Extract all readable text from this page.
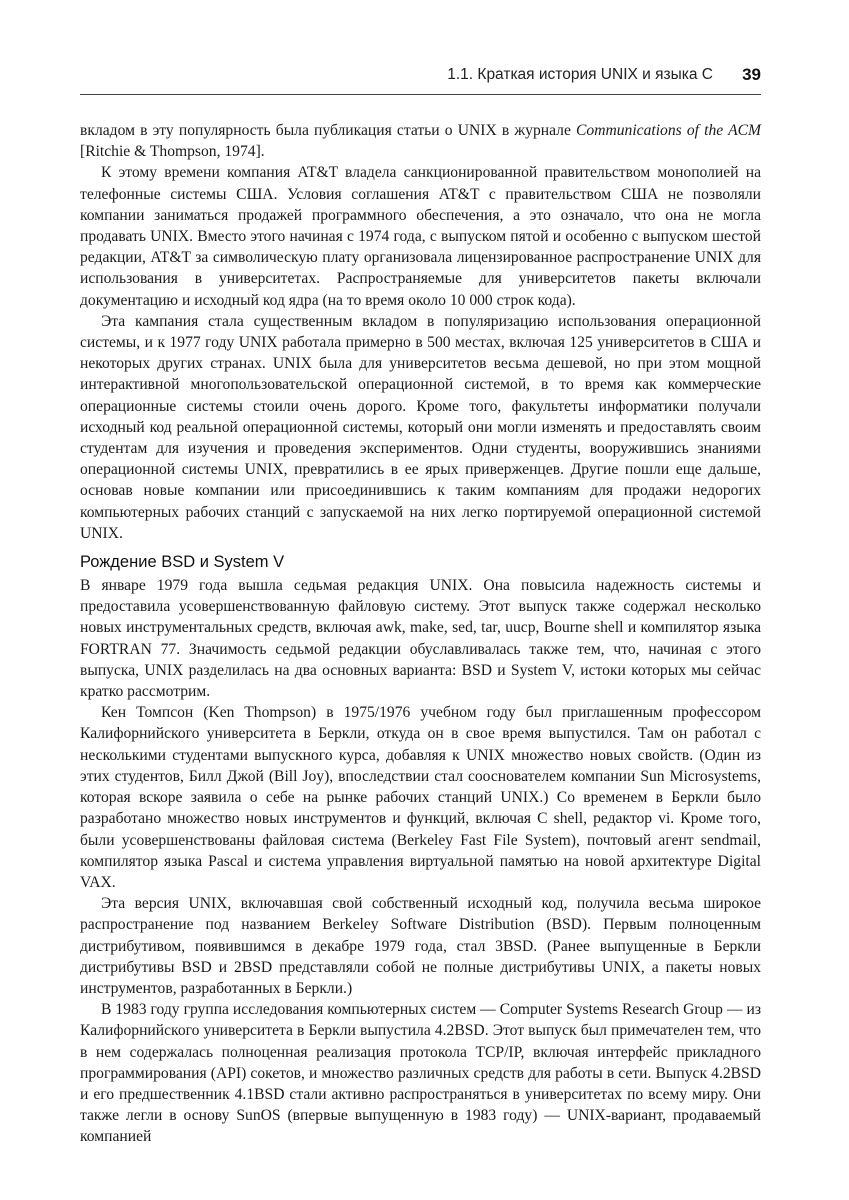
1.1. Краткая история UNIX и языка C 39

вкладом в эту популярность была публикация статьи о UNIX в журнале Communications of the ACM [Ritchie & Thompson, 1974].

К этому времени компания AT&T владела санкционированной правительством монополией на телефонные системы США. Условия соглашения AT&T с правительством США не позволяли компании заниматься продажей программного обеспечения, а это означало, что она не могла продавать UNIX. Вместо этого начиная с 1974 года, с выпуском пятой и особенно с выпуском шестой редакции, AT&T за символическую плату организовала лицензированное распространение UNIX для использования в университетах. Распространяемые для университетов пакеты включали документацию и исходный код ядра (на то время около 10 000 строк кода).

Эта кампания стала существенным вкладом в популяризацию использования операционной системы, и к 1977 году UNIX работала примерно в 500 местах, включая 125 университетов в США и некоторых других странах. UNIX была для университетов весьма дешевой, но при этом мощной интерактивной многопользовательской операционной системой, в то время как коммерческие операционные системы стоили очень дорого. Кроме того, факультеты информатики получали исходный код реальной операционной системы, который они могли изменять и предоставлять своим студентам для изучения и проведения экспериментов. Одни студенты, вооружившись знаниями операционной системы UNIX, превратились в ее ярых приверженцев. Другие пошли еще дальше, основав новые компании или присоединившись к таким компаниям для продажи недорогих компьютерных рабочих станций с запускаемой на них легко портируемой операционной системой UNIX.

Рождение BSD и System V

В январе 1979 года вышла седьмая редакция UNIX. Она повысила надежность системы и предоставила усовершенствованную файловую систему. Этот выпуск также содержал несколько новых инструментальных средств, включая awk, make, sed, tar, uucp, Bourne shell и компилятор языка FORTRAN 77. Значимость седьмой редакции обуславливалась также тем, что, начиная с этого выпуска, UNIX разделилась на два основных варианта: BSD и System V, истоки которых мы сейчас кратко рассмотрим.

Кен Томпсон (Ken Thompson) в 1975/1976 учебном году был приглашенным профессором Калифорнийского университета в Беркли, откуда он в свое время выпустился. Там он работал с несколькими студентами выпускного курса, добавляя к UNIX множество новых свойств. (Один из этих студентов, Билл Джой (Bill Joy), впоследствии стал сооснователем компании Sun Microsystems, которая вскоре заявила о себе на рынке рабочих станций UNIX.) Со временем в Беркли было разработано множество новых инструментов и функций, включая C shell, редактор vi. Кроме того, были усовершенствованы файловая система (Berkeley Fast File System), почтовый агент sendmail, компилятор языка Pascal и система управления виртуальной памятью на новой архитектуре Digital VAX.

Эта версия UNIX, включавшая свой собственный исходный код, получила весьма широкое распространение под названием Berkeley Software Distribution (BSD). Первым полноценным дистрибутивом, появившимся в декабре 1979 года, стал 3BSD. (Ранее выпущенные в Беркли дистрибутивы BSD и 2BSD представляли собой не полные дистрибутивы UNIX, а пакеты новых инструментов, разработанных в Беркли.)

В 1983 году группа исследования компьютерных систем — Computer Systems Research Group — из Калифорнийского университета в Беркли выпустила 4.2BSD. Этот выпуск был примечателен тем, что в нем содержалась полноценная реализация протокола TCP/IP, включая интерфейс прикладного программирования (API) сокетов, и множество различных средств для работы в сети. Выпуск 4.2BSD и его предшественник 4.1BSD стали активно распространяться в университетах по всему миру. Они также легли в основу SunOS (впервые выпущенную в 1983 году) — UNIX-вариант, продаваемый компанией
